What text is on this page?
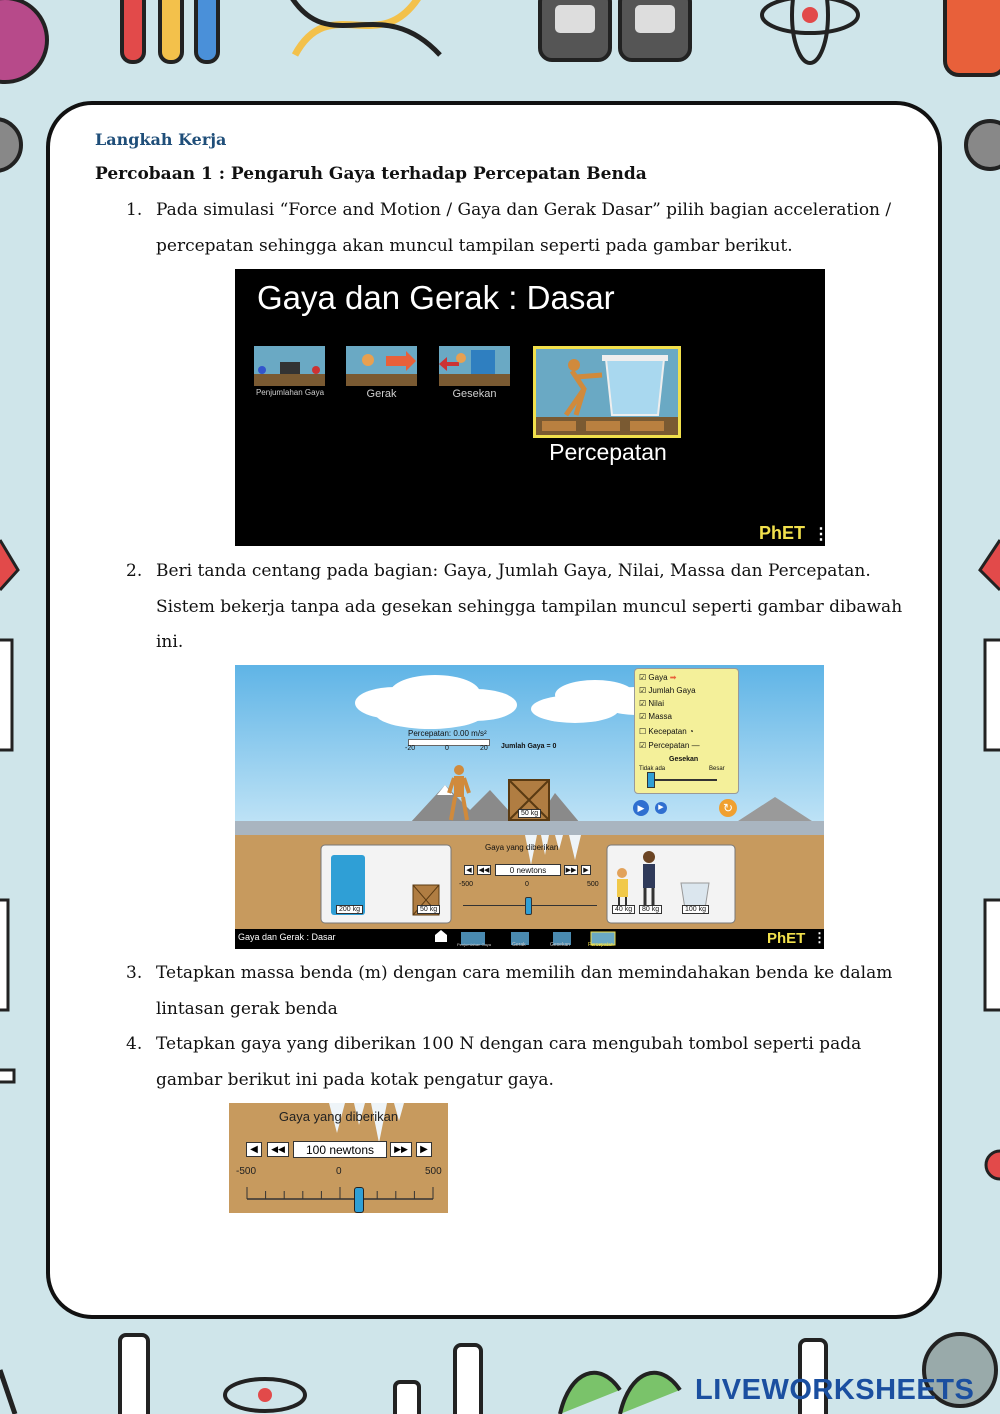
Langkah Kerja
Percobaan 1 : Pengaruh Gaya terhadap Percepatan Benda
1. Pada simulasi “Force and Motion / Gaya dan Gerak Dasar” pilih bagian acceleration / percepatan sehingga akan muncul tampilan seperti pada gambar berikut.
Gaya dan Gerak : Dasar
Penjumlahan Gaya	Gerak	Gesekan
Percepatan
PhET ⋮
2. Beri tanda centang pada bagian: Gaya, Jumlah Gaya, Nilai, Massa dan Percepatan. Sistem bekerja tanpa ada gesekan sehingga tampilan muncul seperti gambar dibawah ini.
Percepatan: 0.00 m/s²
-20	0	20 Jumlah Gaya = 0
50 kg
☑ Gaya ➡
☑ Jumlah Gaya
☑ Nilai
☑ Massa
☐ Kecepatan ◔
☑ Percepatan —
Gesekan
Tidak ada	Besar
▶	▶	↻
Gaya yang diberikan
◀ ◀◀	0 newtons	▶▶ ▶
-500	0	500
200 kg	50 kg	40 kg	80 kg	100 kg
Gaya dan Gerak : Dasar
Penjumlahan Gaya	Gerak	Gesekan	Percepatan	PhET ⋮
3. Tetapkan massa benda (m) dengan cara memilih dan memindahakan benda ke dalam lintasan gerak benda
4. Tetapkan gaya yang diberikan 100 N dengan cara mengubah tombol seperti pada gambar berikut ini pada kotak pengatur gaya.
Gaya yang diberikan
◀	◀◀	100 newtons	▶▶	▶
-500	0	500
LIVEWORKSHEETS
